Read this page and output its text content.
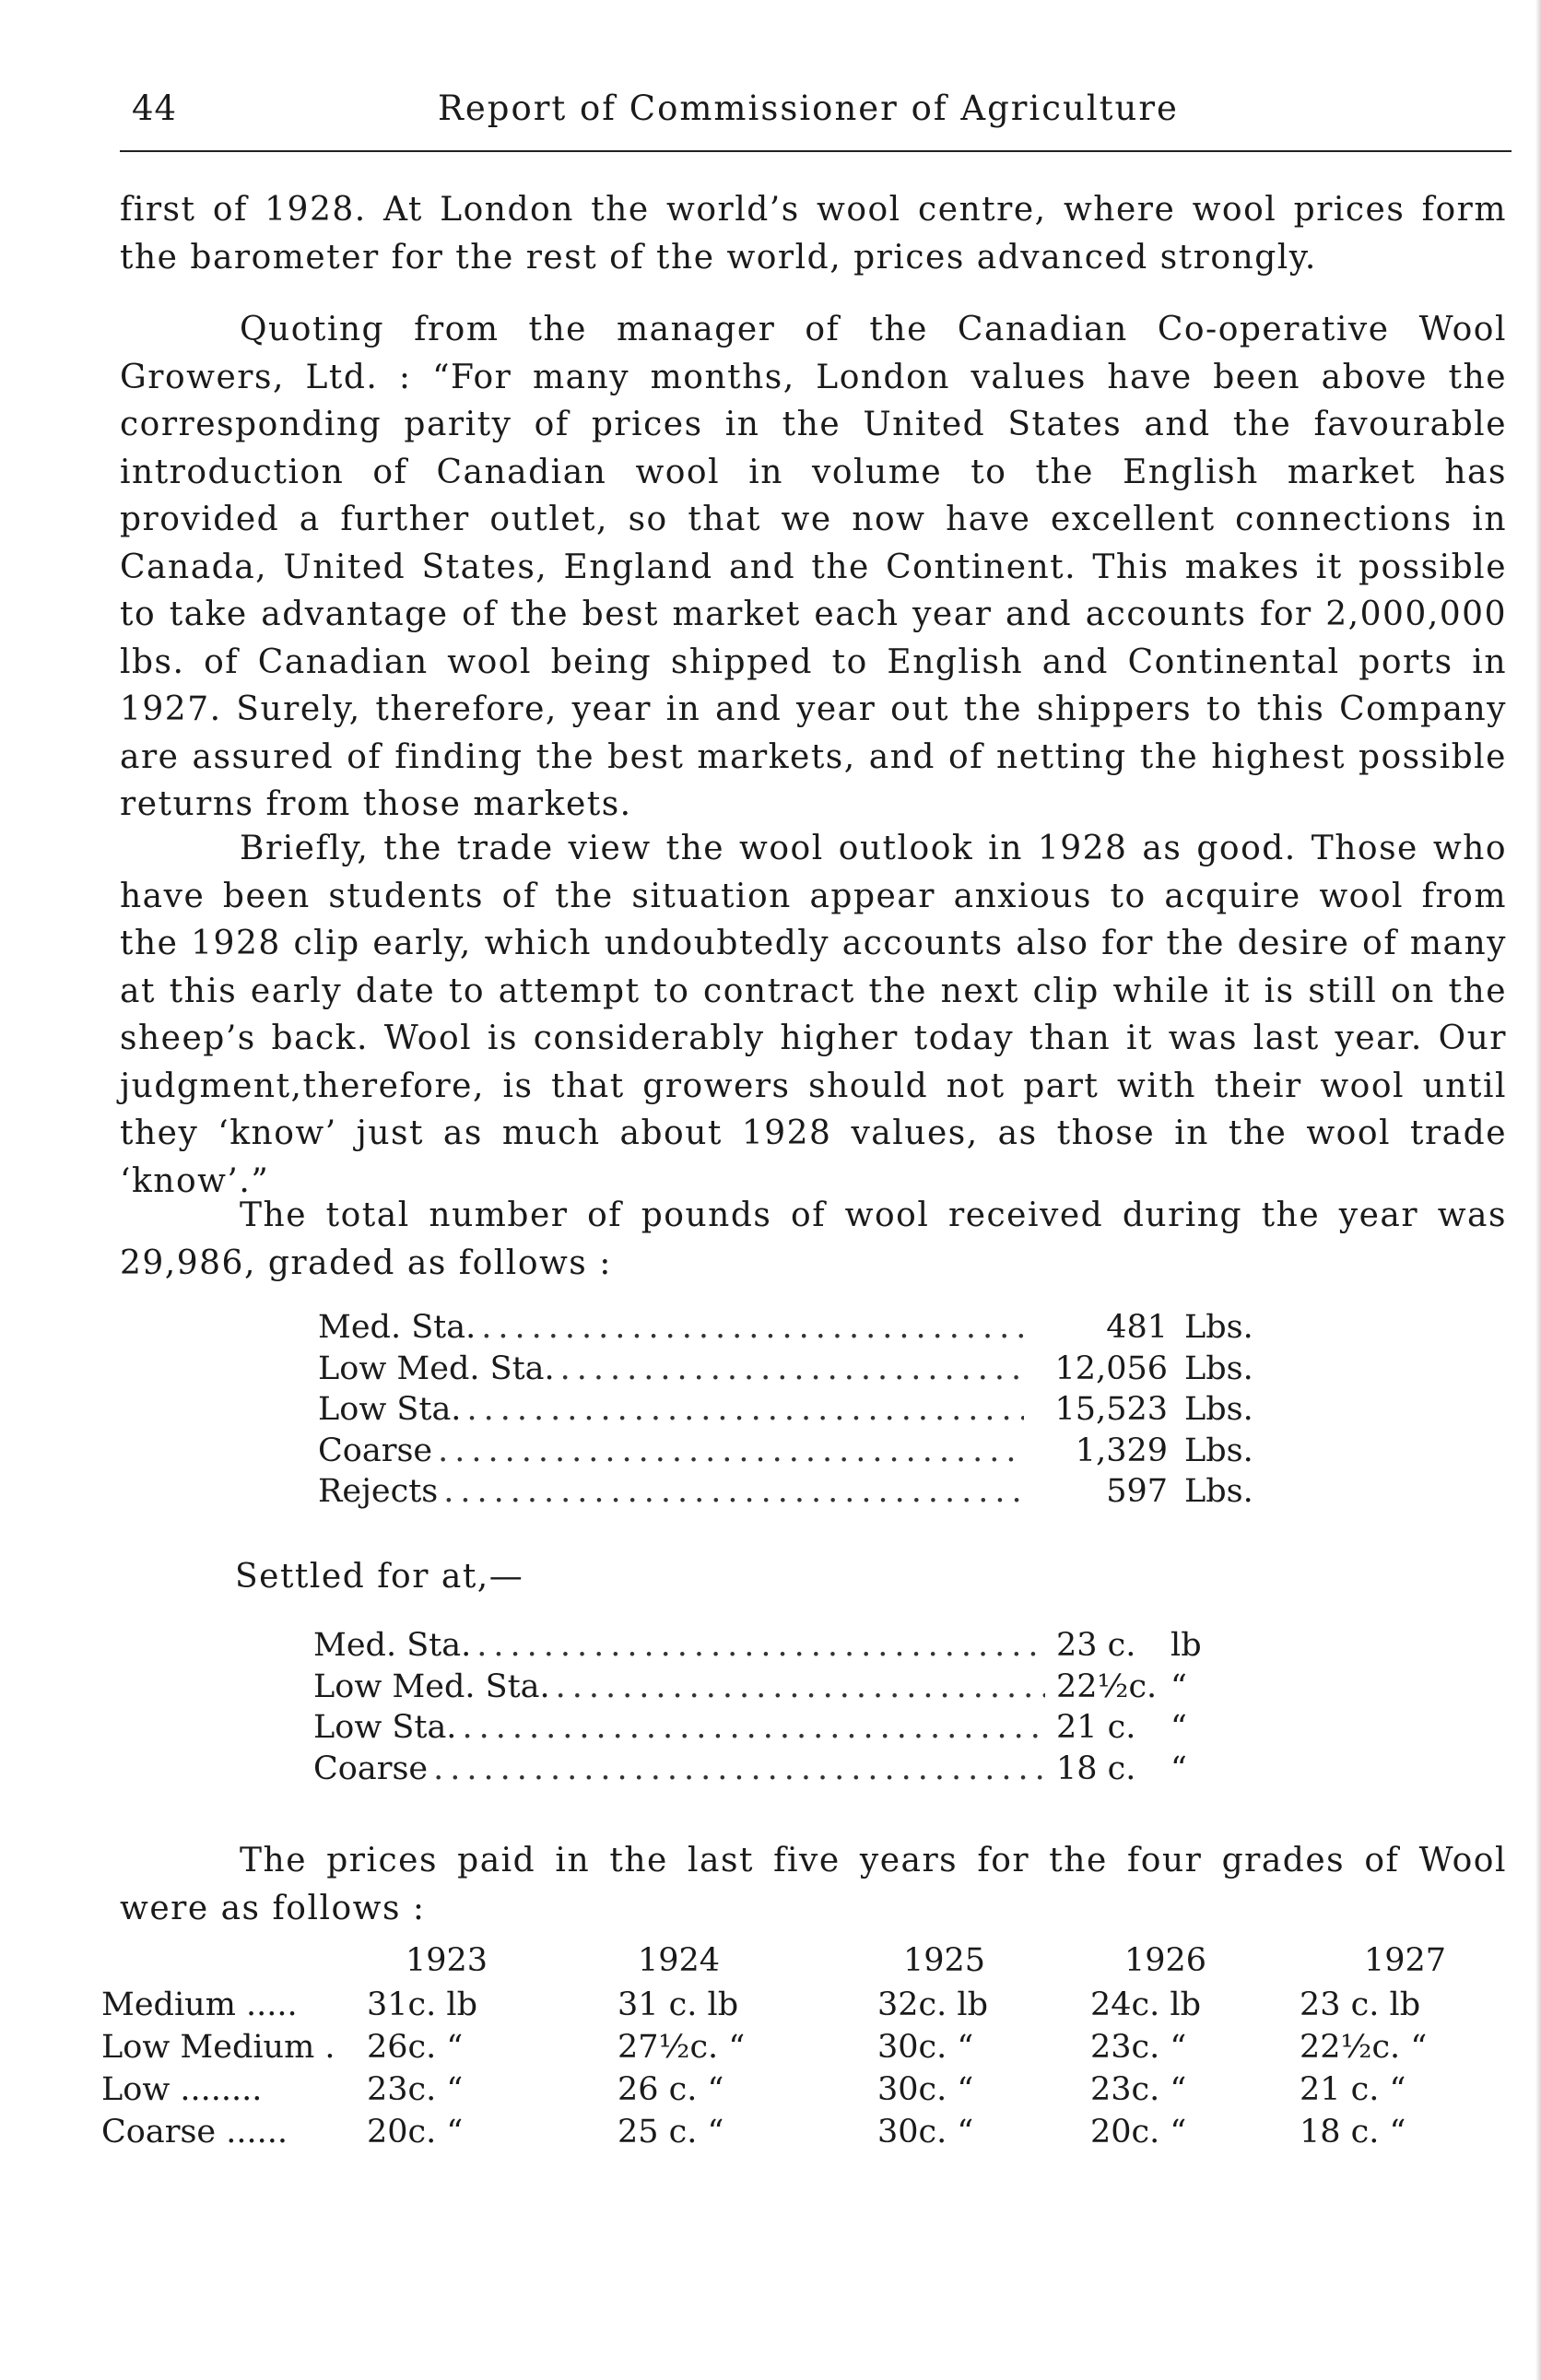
44	Report of Commissioner of Agriculture

first of 1928. At London the world’s wool centre, where wool prices form the barometer for the rest of the world, prices advanced strongly.

Quoting from the manager of the Canadian Co-operative Wool Growers, Ltd. : “For many months, London values have been above the corresponding parity of prices in the United States and the favourable introduction of Canadian wool in volume to the English market has provided a further outlet, so that we now have excellent connections in Canada, United States, England and the Continent. This makes it possible to take advantage of the best market each year and accounts for 2,000,000 lbs. of Canadian wool being shipped to English and Continental ports in 1927. Surely, therefore, year in and year out the shippers to this Company are assured of finding the best markets, and of netting the highest possible returns from those markets.

Briefly, the trade view the wool outlook in 1928 as good. Those who have been students of the situation appear anxious to acquire wool from the 1928 clip early, which undoubtedly accounts also for the desire of many at this early date to attempt to contract the next clip while it is still on the sheep’s back. Wool is considerably higher today than it was last year. Our judgment,therefore, is that growers should not part with their wool until they ‘know’ just as much about 1928 values, as those in the wool trade ‘know’.”

The total number of pounds of wool received during the year was 29,986, graded as follows :

Med. Sta. .....	481 Lbs.
Low Med. Sta. .....	12,056 Lbs.
Low Sta. .....	15,523 Lbs.
Coarse .....	1,329 Lbs.
Rejects .....	597 Lbs.
Settled for at,—
Med. Sta. .....	23 c.	lb
Low Med. Sta. .....	22½c. “
Low Sta. .....	21 c.	“
Coarse .....	18 c.	“

The prices paid in the last five years for the four grades of Wool were as follows :

1923	1924	1925	1926	1927
Medium ..... 31c. lb	31 c. lb	32c. lb	24c. lb	23 c. lb
Low Medium . 26c. “	27½c. “	30c. “	23c. “	22½c. “
Low ........	23c. “	26 c. “	30c. “	23c. “	21 c. “
Coarse ...... 20c. “	25 c. “	30c. “	20c. “	18 c. “
